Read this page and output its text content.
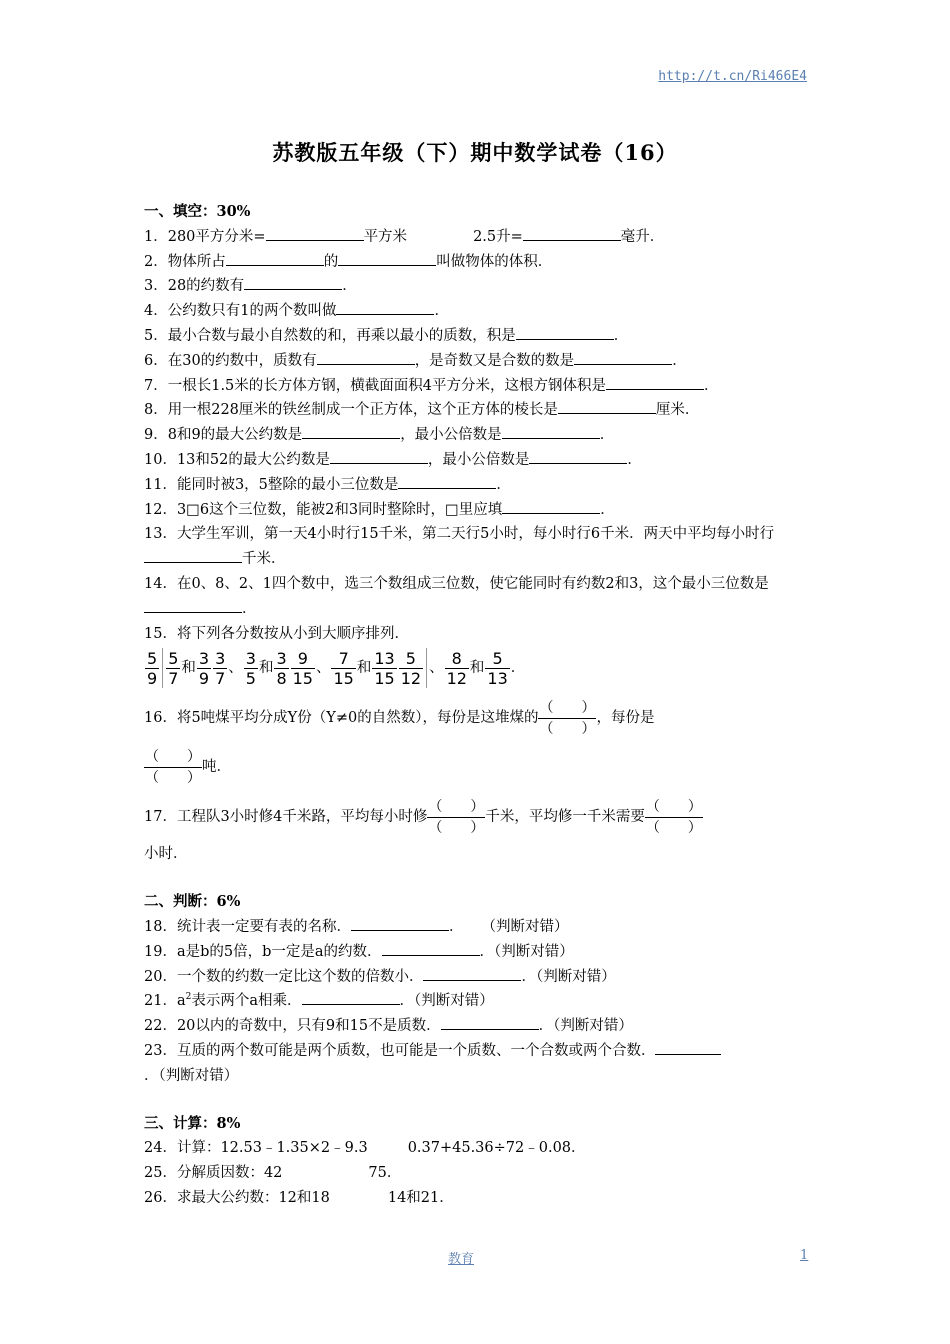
http://t.cn/Ri466E4
苏教版五年级（下）期中数学试卷（16）
一、填空：30%
1．280平方分米=	平方米	2.5升=	毫升．
2．物体所占	的	叫做物体的体积．
3．28的约数有	．
4．公约数只有1的两个数叫做	．
5．最小合数与最小自然数的和，再乘以最小的质数，积是	．
6．在30的约数中，质数有	，是奇数又是合数的数是	．
7．一根长1.5米的长方体方钢，横截面面积4平方分米，这根方钢体积是	．
8．用一根228厘米的铁丝制成一个正方体，这个正方体的棱长是	厘米．
9．8和9的最大公约数是	，最小公倍数是	．
10．13和52的最大公约数是	，最小公倍数是	．
11．能同时被3，5整除的最小三位数是	．
12．3□6这个三位数，能被2和3同时整除时，□里应填	．
13．大学生军训，第一天4小时行15千米，第二天行5小时，每小时行6千米．两天中平均每小时行千米．
14．在0、8、2、1四个数中，选三个数组成三位数，使它能同时有约数2和3，这个最小三位数是．
15．将下列各分数按从小到大顺序排列．
$\frac{5}{9} \frac{5}{7}$ 和 $\frac{3}{9} \frac{3}{7}$ 、 $\frac{3}{5}$ 和 $\frac{3}{8} \frac{9}{15}$ 、 $\frac{7}{15}$ 和 $\frac{13}{15} \frac{5}{12}$ 、 $\frac{8}{12}$ 和 $\frac{5}{13}$ ．
16．将5吨煤平均分成Y份（Y≠0的自然数），每份是这堆煤的
（　　）
（　　）
，每份是
（　　）
（　　）
吨．
17．工程队3小时修4千米路，平均每小时修
（　　）
（　　）
千米，平均修一千米需要
（　　）
（　　）
小时．
二、判断：6%
18．统计表一定要有表的名称．	． （判断对错）
19．a是b的5倍，b一定是a的约数．	．（判断对错）
20．一个数的约数一定比这个数的倍数小．	．（判断对错）
21．$a^2$表示两个a相乘．	．（判断对错）
22．20以内的奇数中，只有9和15不是质数．	．（判断对错）
23．互质的两个数可能是两个质数，也可能是一个质数、一个合数或两个合数．
．（判断对错）
三、计算：8%
24．计算：12.53﹣1.35×2﹣9.3	0.37+45.36÷72﹣0.08．
25．分解质因数：42	75．
26．求最大公约数：12和18	14和21．
教育	1
